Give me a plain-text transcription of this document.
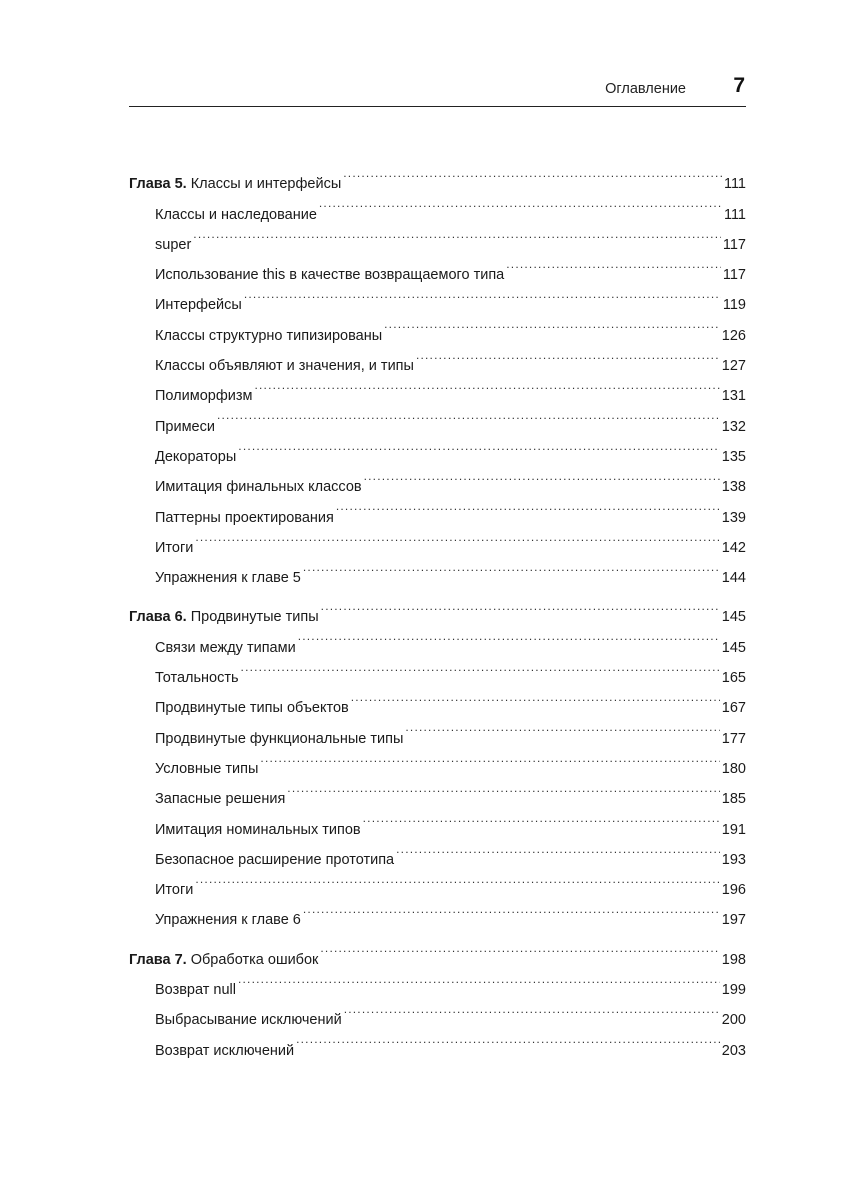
Оглавление 7
Глава 5. Классы и интерфейсы .....	111
Классы и наследование .....	111
super .....	117
Использование this в качестве возвращаемого типа .....	117
Интерфейсы .....	119
Классы структурно типизированы .....	126
Классы объявляют и значения, и типы .....	127
Полиморфизм .....	131
Примеси .....	132
Декораторы .....	135
Имитация финальных классов .....	138
Паттерны проектирования .....	139
Итоги .....	142
Упражнения к главе 5 .....	144
Глава 6. Продвинутые типы .....	145
Связи между типами .....	145
Тотальность .....	165
Продвинутые типы объектов .....	167
Продвинутые функциональные типы .....	177
Условные типы .....	180
Запасные решения .....	185
Имитация номинальных типов .....	191
Безопасное расширение прототипа .....	193
Итоги .....	196
Упражнения к главе 6 .....	197
Глава 7. Обработка ошибок .....	198
Возврат null .....	199
Выбрасывание исключений .....	200
Возврат исключений .....	203
